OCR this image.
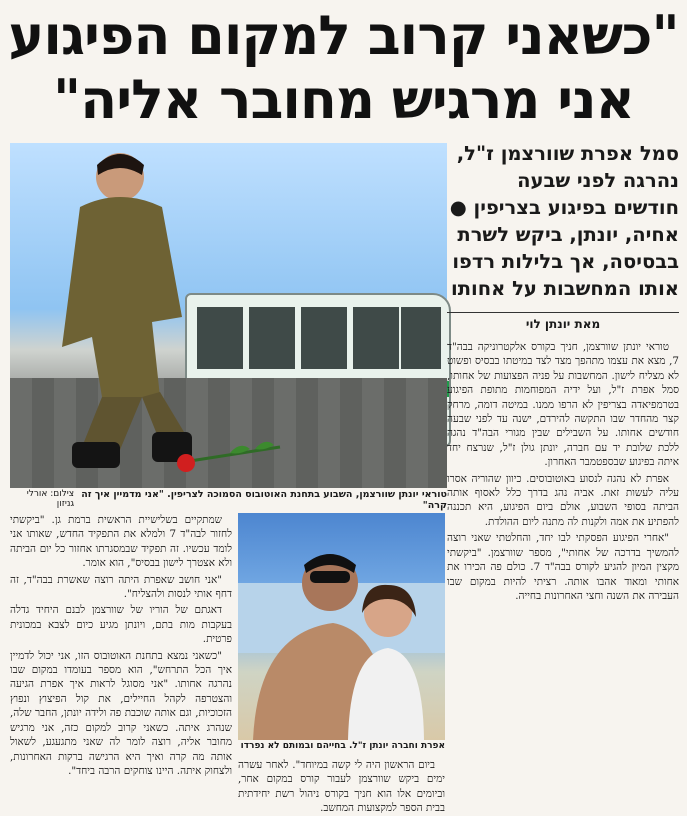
"כשאני קרוב למקום הפיגוע
אני מרגיש מחובר אליה"
טוראי יונתן שוורצמן, השבוע בתחנת האוטובוס הסמוכה לצריפין. "אני מדמיין איך זה קרה"
צילום: אורלי גניזון
סמל אפרת שוורצמן ז"ל, נהרגה לפני שבעה חודשים בפיגוע בצריפין ● אחיה, יונתן, ביקש לשרת בבסיסה, אך בלילות רדפו אותו המחשבות על אחותו
מאת יונתן לוי

טוראי יונתן שוורצמן, חניך בקורס אלקטרוניקה בבה"ד 7, מצא את עצמו מתהפך מצד לצד במיטתו בבסיס ופשוט לא מצליח לישון. המחשבות על פניה הפצועות של אחותו, סמל אפרת ז"ל, ועל ידיה המפוחמות מתופת הפיגוע בטרמפיאדה בצריפין לא הרפו ממנו. במיטה דומה, מרחק קצר מהחדר שבו התקשה להירדם, ישנה עד לפני שבעה חודשים אחותו. על השבילים שבין מגורי הבה"ד נהגה ללכת שלובת יד עם חברה, יונתן גולן ז"ל, שנרצח יחד איתה בפיגוע שבספטמבר האחרון.

אפרת לא נהגה לנסוע באוטובוסים. כיוון שהוריה אסרו עליה לעשות זאת. אביה נהג בדרך כלל לאסוף אותה הביתה בסופי השבוע, אולם ביום הפיגוע, היא תכננה להפתיע את אמה ולקנות לה מתנה ליום ההולדת.

"אחרי הפיגוע הפסקתי לבו יחד, והחלטתי שאני רוצה להמשיך בדרכה של אחותי", מספר שוורצמן. "ביקשתי מקצין המיון להגיע לקורס בבה"ד 7. כולם פה הכירו את אחותי ומאוד אהבו אותה. רציתי להיות במקום שבו העבירה את השנה וחצי האחרונות בחייה.

אפרת וחברה יונתן ז"ל. בחייהם ובמותם לא נפרדו

שמתקיים בשלישיית הראשית ברמת גן. "ביקשתי לחזור לבה"ד 7 ולמלא את התפקיד החדש, שאותו אני לומד עכשיו. זה תפקיד שבמסגרתו אחזור כל יום הביתה ולא אצטרך לישון בבסיס", הוא אומר.

"אני חושב שאפרת היתה רוצה שאשרת בבה"ד, זה דחף אותי לנסות ולהצליח".

דאגתם של הוריו של שוורצמן לבנם היחיד גדלה בעקבות מות בתם, ויונתן מגיע כיום לצבא במכונית פרטית.

"כשאני נמצא בתחנת האוטובוס הזו, אני יכול לדמיין איך הכל התרחש", הוא מספר בעומדו במקום שבו נהרגה אחותו. "אני מסוגל לראות איך אפרת הגיעה והצטרפה לקהל החיילים, את קול הפיצוץ ונפוץ הזכוכיות, וגם אותה שוכבת פה ולידה יונתן, החבר שלה, שנהרג איתה. כשאני קרוב למקום כזה, אני מרגיש מחובר אליה, רוצה לומר לה שאני מתגעגע, לשאול אותה מה קרה ואיך היא הרגישה ברקות האחרונות, ולצחוק איתה. היינו צוחקים הרבה ביחד". ביום הראשון היה לי קשה במיוחד". לאחר עשרה ימים ביקש שוורצמן לעבור קורס במקום אחר, וביומים אלו הוא חניך בקורס ניהול רשת יחידתית בבית הספר למקצועות המחשב.
